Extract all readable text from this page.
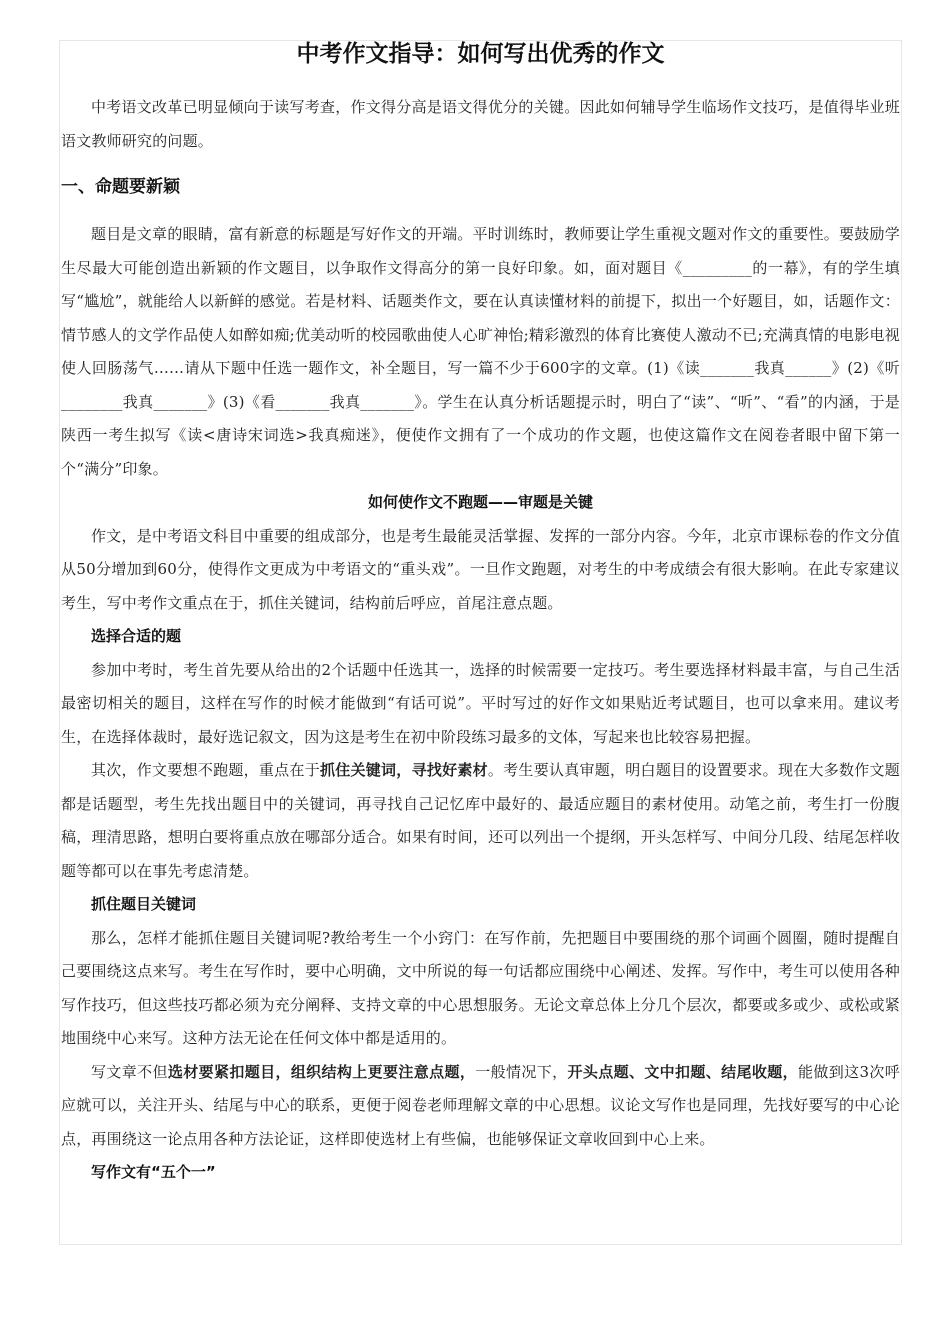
中考作文指导：如何写出优秀的作文

中考语文改革已明显倾向于读写考查，作文得分高是语文得优分的关键。因此如何辅导学生临场作文技巧，是值得毕业班语文教师研究的问题。

一、命题要新颖

题目是文章的眼睛，富有新意的标题是写好作文的开端。平时训练时，教师要让学生重视文题对作文的重要性。要鼓励学生尽最大可能创造出新颖的作文题目，以争取作文得高分的第一良好印象。如，面对题目《_________的一幕》，有的学生填写“尴尬”，就能给人以新鲜的感觉。若是材料、话题类作文，要在认真读懂材料的前提下，拟出一个好题目，如，话题作文：情节感人的文学作品使人如醉如痴;优美动听的校园歌曲使人心旷神怡;精彩激烈的体育比赛使人激动不已;充满真情的电影电视使人回肠荡气……请从下题中任选一题作文，补全题目，写一篇不少于600字的文章。(1)《读_______我真______》(2)《听________我真_______》(3)《看_______我真_______》。学生在认真分析话题提示时，明白了“读”、“听”、“看”的内涵，于是陕西一考生拟写《读<唐诗宋词选>我真痴迷》，便使作文拥有了一个成功的作文题，也使这篇作文在阅卷者眼中留下第一个“满分”印象。

如何使作文不跑题——审题是关键

作文，是中考语文科目中重要的组成部分，也是考生最能灵活掌握、发挥的一部分内容。今年，北京市课标卷的作文分值从50分增加到60分，使得作文更成为中考语文的“重头戏”。一旦作文跑题，对考生的中考成绩会有很大影响。在此专家建议考生，写中考作文重点在于，抓住关键词，结构前后呼应，首尾注意点题。

选择合适的题

参加中考时，考生首先要从给出的2个话题中任选其一，选择的时候需要一定技巧。考生要选择材料最丰富，与自己生活最密切相关的题目，这样在写作的时候才能做到“有话可说”。平时写过的好作文如果贴近考试题目，也可以拿来用。建议考生，在选择体裁时，最好选记叙文，因为这是考生在初中阶段练习最多的文体，写起来也比较容易把握。

其次，作文要想不跑题，重点在于抓住关键词，寻找好素材。考生要认真审题，明白题目的设置要求。现在大多数作文题都是话题型，考生先找出题目中的关键词，再寻找自己记忆库中最好的、最适应题目的素材使用。动笔之前，考生打一份腹稿，理清思路，想明白要将重点放在哪部分适合。如果有时间，还可以列出一个提纲，开头怎样写、中间分几段、结尾怎样收题等都可以在事先考虑清楚。

抓住题目关键词

那么，怎样才能抓住题目关键词呢?教给考生一个小窍门：在写作前，先把题目中要围绕的那个词画个圆圈，随时提醒自己要围绕这点来写。考生在写作时，要中心明确，文中所说的每一句话都应围绕中心阐述、发挥。写作中，考生可以使用各种写作技巧，但这些技巧都必须为充分阐释、支持文章的中心思想服务。无论文章总体上分几个层次，都要或多或少、或松或紧地围绕中心来写。这种方法无论在任何文体中都是适用的。

写文章不但选材要紧扣题目，组织结构上更要注意点题，一般情况下，开头点题、文中扣题、结尾收题，能做到这3次呼应就可以，关注开头、结尾与中心的联系，更便于阅卷老师理解文章的中心思想。议论文写作也是同理，先找好要写的中心论点，再围绕这一论点用各种方法论证，这样即使选材上有些偏，也能够保证文章收回到中心上来。

写作文有“五个一”
